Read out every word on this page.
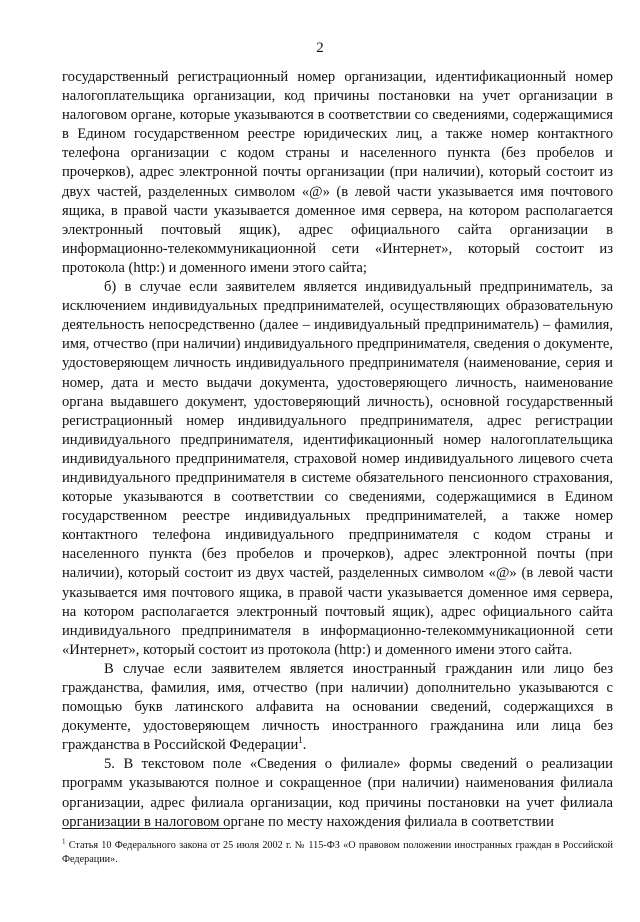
2

государственный регистрационный номер организации, идентификационный номер налогоплательщика организации, код причины постановки на учет организации в налоговом органе, которые указываются в соответствии со сведениями, содержащимися в Едином государственном реестре юридических лиц, а также номер контактного телефона организации с кодом страны и населенного пункта (без пробелов и прочерков), адрес электронной почты организации (при наличии), который состоит из двух частей, разделенных символом «@» (в левой части указывается имя почтового ящика, в правой части указывается доменное имя сервера, на котором располагается электронный почтовый ящик), адрес официального сайта организации в информационно-телекоммуникационной сети «Интернет», который состоит из протокола (http:) и доменного имени этого сайта;

б) в случае если заявителем является индивидуальный предприниматель, за исключением индивидуальных предпринимателей, осуществляющих образовательную деятельность непосредственно (далее – индивидуальный предприниматель) – фамилия, имя, отчество (при наличии) индивидуального предпринимателя, сведения о документе, удостоверяющем личность индивидуального предпринимателя (наименование, серия и номер, дата и место выдачи документа, удостоверяющего личность, наименование органа выдавшего документ, удостоверяющий личность), основной государственный регистрационный номер индивидуального предпринимателя, адрес регистрации индивидуального предпринимателя, идентификационный номер налогоплательщика индивидуального предпринимателя, страховой номер индивидуального лицевого счета индивидуального предпринимателя в системе обязательного пенсионного страхования, которые указываются в соответствии со сведениями, содержащимися в Едином государственном реестре индивидуальных предпринимателей, а также номер контактного телефона индивидуального предпринимателя с кодом страны и населенного пункта (без пробелов и прочерков), адрес электронной почты (при наличии), который состоит из двух частей, разделенных символом «@» (в левой части указывается имя почтового ящика, в правой части указывается доменное имя сервера, на котором располагается электронный почтовый ящик), адрес официального сайта индивидуального предпринимателя в информационно-телекоммуникационной сети «Интернет», который состоит из протокола (http:) и доменного имени этого сайта.

В случае если заявителем является иностранный гражданин или лицо без гражданства, фамилия, имя, отчество (при наличии) дополнительно указываются с помощью букв латинского алфавита на основании сведений, содержащихся в документе, удостоверяющем личность иностранного гражданина или лица без гражданства в Российской Федерации$^1$.

5. В текстовом поле «Сведения о филиале» формы сведений о реализации программ указываются полное и сокращенное (при наличии) наименования филиала организации, адрес филиала организации, код причины постановки на учет филиала организации в налоговом органе по месту нахождения филиала в соответствии

$^1$ Статья 10 Федерального закона от 25 июля 2002 г. № 115-ФЗ «О правовом положении иностранных граждан в Российской Федерации».
